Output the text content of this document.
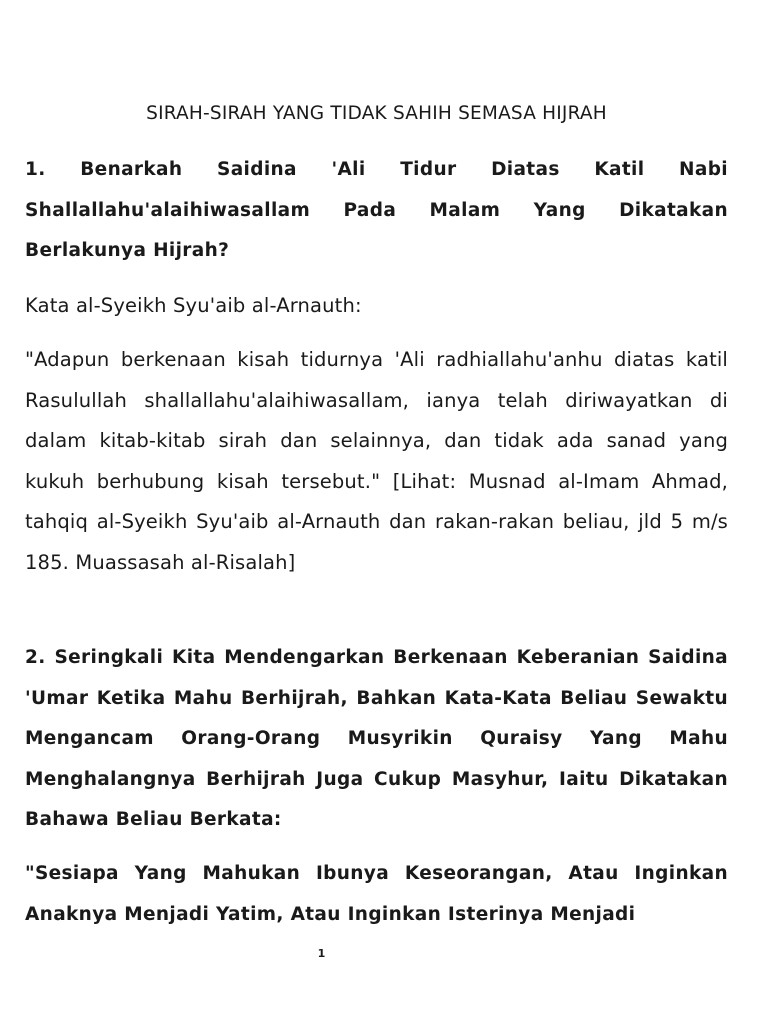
SIRAH-SIRAH YANG TIDAK SAHIH SEMASA HIJRAH

1. Benarkah Saidina 'Ali Tidur Diatas Katil Nabi Shallallahu'alaihiwasallam Pada Malam Yang Dikatakan Berlakunya Hijrah?

Kata al-Syeikh Syu'aib al-Arnauth:

"Adapun berkenaan kisah tidurnya 'Ali radhiallahu'anhu diatas katil Rasulullah shallallahu'alaihiwasallam, ianya telah diriwayatkan di dalam kitab-kitab sirah dan selainnya, dan tidak ada sanad yang kukuh berhubung kisah tersebut." [Lihat: Musnad al-Imam Ahmad, tahqiq al-Syeikh Syu'aib al-Arnauth dan rakan-rakan beliau, jld 5 m/s 185. Muassasah al-Risalah]

2. Seringkali Kita Mendengarkan Berkenaan Keberanian Saidina 'Umar Ketika Mahu Berhijrah, Bahkan Kata-Kata Beliau Sewaktu Mengancam Orang-Orang Musyrikin Quraisy Yang Mahu Menghalangnya Berhijrah Juga Cukup Masyhur, Iaitu Dikatakan Bahawa Beliau Berkata:

"Sesiapa Yang Mahukan Ibunya Keseorangan, Atau Inginkan Anaknya Menjadi Yatim, Atau Inginkan Isterinya Menjadi

1
